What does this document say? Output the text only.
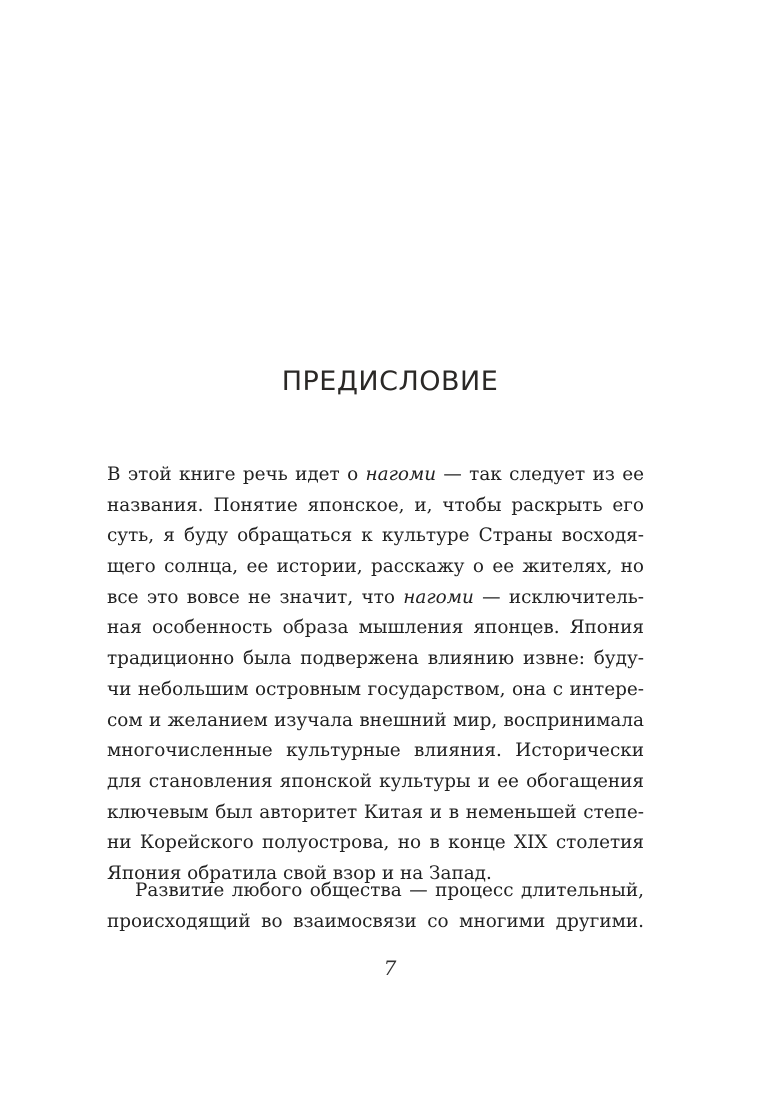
ПРЕДИСЛОВИЕ
В этой книге речь идет о нагоми — так следует из ее
названия. Понятие японское, и, чтобы раскрыть его
суть, я буду обращаться к культуре Страны восходя-
щего солнца, ее истории, расскажу о ее жителях, но
все это вовсе не значит, что нагоми — исключитель-
ная особенность образа мышления японцев. Япония
традиционно была подвержена влиянию извне: буду-
чи небольшим островным государством, она с интере-
сом и желанием изучала внешний мир, воспринимала
многочисленные культурные влияния. Исторически
для становления японской культуры и ее обогащения
ключевым был авторитет Китая и в неменьшей степе-
ни Корейского полуострова, но в конце XIX столетия
Япония обратила свой взор и на Запад.
Развитие любого общества — процесс длительный,
происходящий во взаимосвязи со многими другими.
7
